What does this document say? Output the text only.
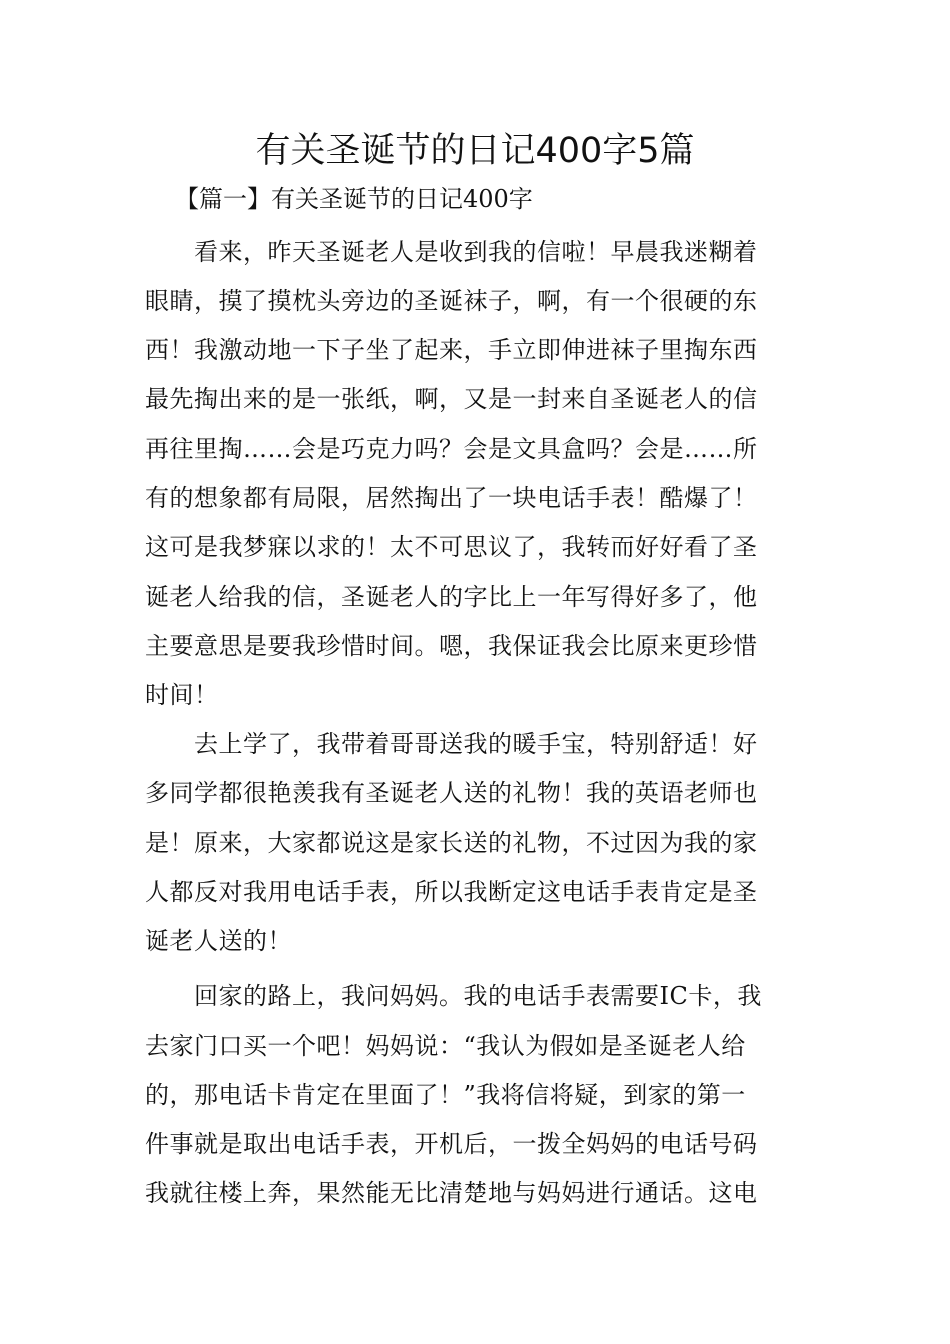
有关圣诞节的日记400字5篇
【篇一】有关圣诞节的日记400字
　　看来，昨天圣诞老人是收到我的信啦！早晨我迷糊着
眼睛，摸了摸枕头旁边的圣诞袜子，啊，有一个很硬的东
西！我激动地一下子坐了起来，手立即伸进袜子里掏东西
最先掏出来的是一张纸，啊，又是一封来自圣诞老人的信
再往里掏……会是巧克力吗？会是文具盒吗？会是……所
有的想象都有局限，居然掏出了一块电话手表！酷爆了！
这可是我梦寐以求的！太不可思议了，我转而好好看了圣
诞老人给我的信，圣诞老人的字比上一年写得好多了，他
主要意思是要我珍惜时间。嗯，我保证我会比原来更珍惜
时间！
　　去上学了，我带着哥哥送我的暖手宝，特别舒适！好
多同学都很艳羡我有圣诞老人送的礼物！我的英语老师也
是！原来，大家都说这是家长送的礼物，不过因为我的家
人都反对我用电话手表，所以我断定这电话手表肯定是圣
诞老人送的！
　　回家的路上，我问妈妈。我的电话手表需要IC卡，我
去家门口买一个吧！妈妈说：“我认为假如是圣诞老人给
的，那电话卡肯定在里面了！”我将信将疑，到家的第一
件事就是取出电话手表，开机后，一拨全妈妈的电话号码
我就往楼上奔，果然能无比清楚地与妈妈进行通话。这电
